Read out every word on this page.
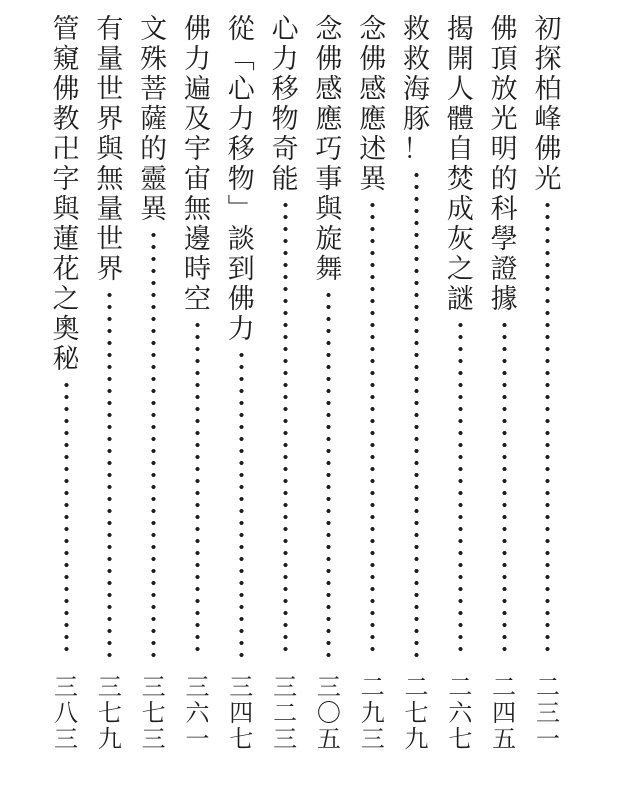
初
探
柏
峰
佛
光
二
三
一
佛
頂
放
光
明
的
科
學
證
據
二
四
五
揭
開
人
體
自
焚
成
灰
之
謎
二
六
七
救
救
海
豚
！
二
七
九
念
佛
感
應
述
異
二
九
三
念
佛
感
應
巧
事
與
旋
舞
三
〇
五
心
力
移
物
奇
能
三
二
三
從
﹁
心
力
移
物
﹂
談
到
佛
力
三
四
七
佛
力
遍
及
宇
宙
無
邊
時
空
三
六
一
文
殊
菩
薩
的
靈
異
三
七
三
有
量
世
界
與
無
量
世
界
三
七
九
管
窺
佛
教
卍
字
與
蓮
花
之
奧
秘
三
八
三
